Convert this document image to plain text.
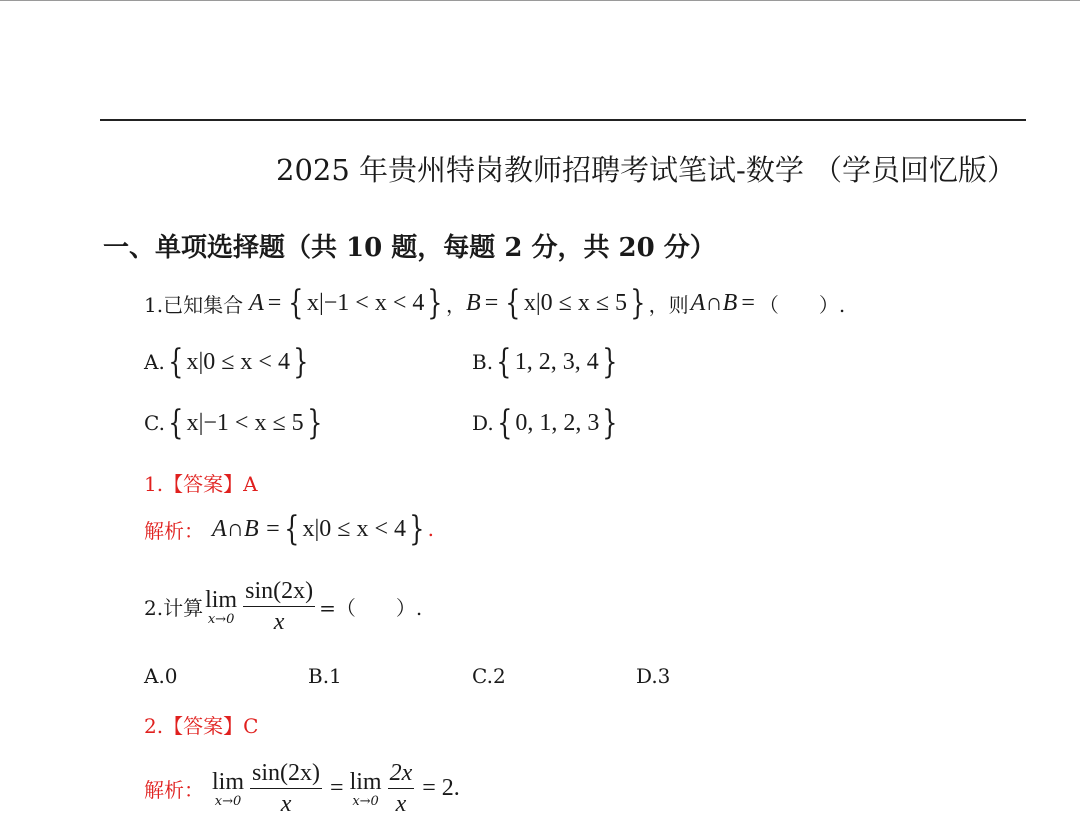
2025 年贵州特岗教师招聘考试笔试-数学 （学员回忆版）
一、单项选择题（共 10 题，每题 2 分，共 20 分）
1.已知集合 A = { x|−1 < x < 4 } ， B = { x|0 ≤ x ≤ 5 } ，则 A∩B = （　　）.
A. { x|0 ≤ x < 4 }	B. { 1, 2, 3, 4 }
C. { x|−1 < x ≤ 5 }	D. { 0, 1, 2, 3 }
1.【答案】A
解析： A∩B = { x|0 ≤ x < 4 } .
2.计算 lim
$x\to 0 \frac{\sin(2x)}{x}$ =（　　）.
A.0	B.1	C.2	D.3
2.【答案】C
解析： lim
$x\to 0 \frac{\sin(2x)}{x} = \lim$
$x\to 0 \frac{2x}{x} = 2$.
